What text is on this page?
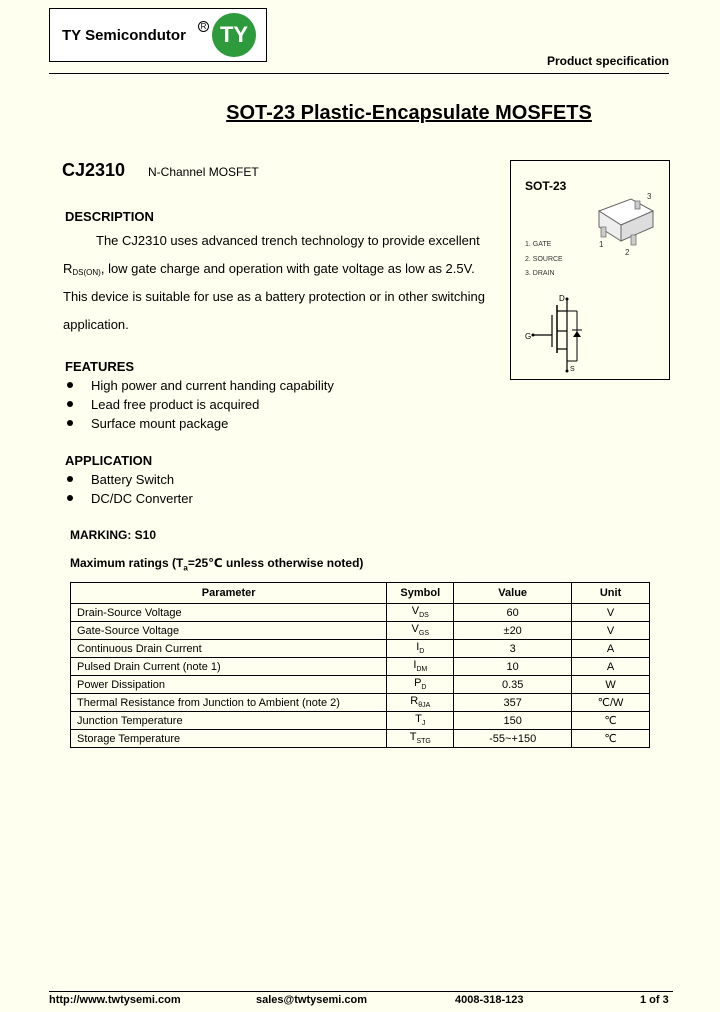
TY Semicondutor
R TY
Product specification
SOT-23 Plastic-Encapsulate MOSFETS
CJ2310 N-Channel MOSFET
DESCRIPTION
The CJ2310 uses advanced trench technology to provide excellent
RDS(ON), low gate charge and operation with gate voltage as low as 2.5V.
This device is suitable for use as a battery protection or in other switching
application.
FEATURES
High power and current handing capability
Lead free product is acquired
Surface mount package
APPLICATION
Battery Switch
DC/DC Converter
SOT-23
3
1
2
1. GATE
2. SOURCE
3. DRAIN
D
G
S
MARKING: S10
Maximum ratings ($T_a=25℃$ unless otherwise noted)
Parameter	Symbol	Value	Unit
Drain-Source Voltage	$V_{DS}$	60	V
Gate-Source Voltage	$V_{GS}$	±20	V
Continuous Drain Current	$I_D$	3	A
Pulsed Drain Current (note 1)	$I_{DM}$	10	A
Power Dissipation	$P_D$	0.35	W
Thermal Resistance from Junction to Ambient (note 2)	$R_{\theta JA}$	357	℃/W
Junction Temperature	$T_J$	150	℃
Storage Temperature	$T_{STG}$	-55~+150	℃
http://www.twtysemi.com	sales@twtysemi.com	4008-318-123	1 of 3
